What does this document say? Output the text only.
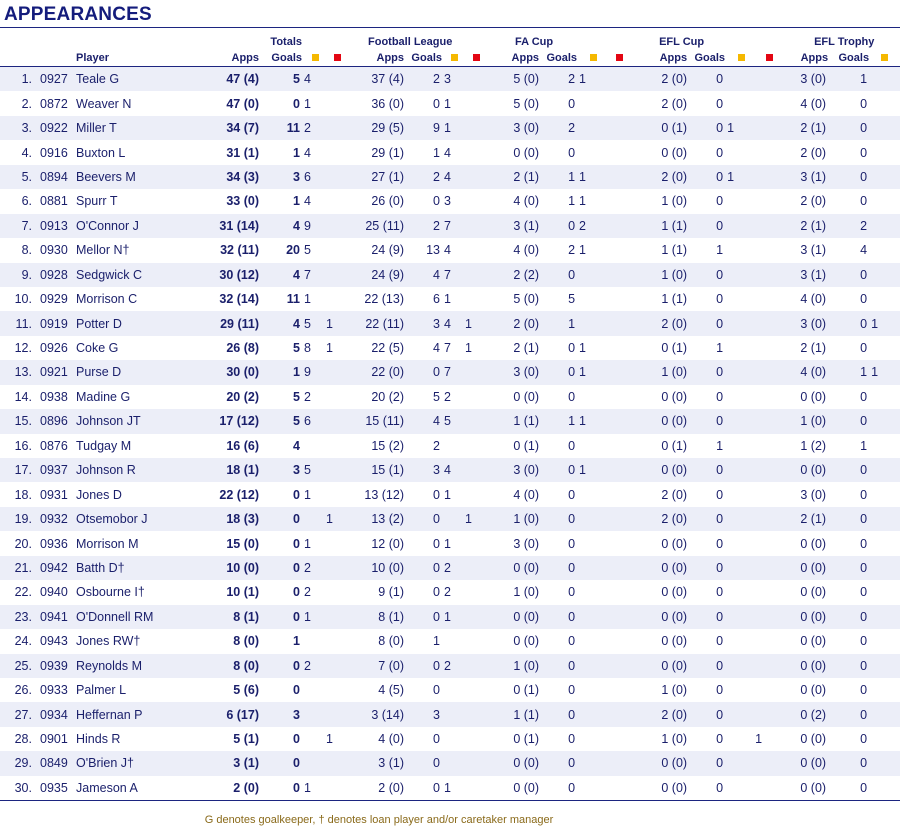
APPEARANCES
				Totals			Football League				FA Cup				EFL Cup				EFL Trophy			
		Player	Apps	Goals			Apps	Goals			Apps	Goals			Apps	Goals			Apps	Goals		
1.	0927	Teale G	47 (4)	5	4		37 (4)	2	3		5 (0)	2	1		2 (0)	0			3 (0)	1		
2.	0872	Weaver N	47 (0)	0	1		36 (0)	0	1		5 (0)	0			2 (0)	0			4 (0)	0		
3.	0922	Miller T	34 (7)	11	2		29 (5)	9	1		3 (0)	2			0 (1)	0	1		2 (1)	0		
4.	0916	Buxton L	31 (1)	1	4		29 (1)	1	4		0 (0)	0			0 (0)	0			2 (0)	0		
5.	0894	Beevers M	34 (3)	3	6		27 (1)	2	4		2 (1)	1	1		2 (0)	0	1		3 (1)	0		
6.	0881	Spurr T	33 (0)	1	4		26 (0)	0	3		4 (0)	1	1		1 (0)	0			2 (0)	0		
7.	0913	O'Connor J	31 (14)	4	9		25 (11)	2	7		3 (1)	0	2		1 (1)	0			2 (1)	2		
8.	0930	Mellor N†	32 (11)	20	5		24 (9)	13	4		4 (0)	2	1		1 (1)	1			3 (1)	4		
9.	0928	Sedgwick C	30 (12)	4	7		24 (9)	4	7		2 (2)	0			1 (0)	0			3 (1)	0		
10.	0929	Morrison C	32 (14)	11	1		22 (13)	6	1		5 (0)	5			1 (1)	0			4 (0)	0		
11.	0919	Potter D	29 (11)	4	5	1	22 (11)	3	4	1	2 (0)	1			2 (0)	0			3 (0)	0	1	
12.	0926	Coke G	26 (8)	5	8	1	22 (5)	4	7	1	2 (1)	0	1		0 (1)	1			2 (1)	0		
13.	0921	Purse D	30 (0)	1	9		22 (0)	0	7		3 (0)	0	1		1 (0)	0			4 (0)	1	1	
14.	0938	Madine G	20 (2)	5	2		20 (2)	5	2		0 (0)	0			0 (0)	0			0 (0)	0		
15.	0896	Johnson JT	17 (12)	5	6		15 (11)	4	5		1 (1)	1	1		0 (0)	0			1 (0)	0		
16.	0876	Tudgay M	16 (6)	4			15 (2)	2			0 (1)	0			0 (1)	1			1 (2)	1		
17.	0937	Johnson R	18 (1)	3	5		15 (1)	3	4		3 (0)	0	1		0 (0)	0			0 (0)	0		
18.	0931	Jones D	22 (12)	0	1		13 (12)	0	1		4 (0)	0			2 (0)	0			3 (0)	0		
19.	0932	Otsemobor J	18 (3)	0		1	13 (2)	0		1	1 (0)	0			2 (0)	0			2 (1)	0		
20.	0936	Morrison M	15 (0)	0	1		12 (0)	0	1		3 (0)	0			0 (0)	0			0 (0)	0		
21.	0942	Batth D†	10 (0)	0	2		10 (0)	0	2		0 (0)	0			0 (0)	0			0 (0)	0		
22.	0940	Osbourne I†	10 (1)	0	2		9 (1)	0	2		1 (0)	0			0 (0)	0			0 (0)	0		
23.	0941	O'Donnell RM	8 (1)	0	1		8 (1)	0	1		0 (0)	0			0 (0)	0			0 (0)	0		
24.	0943	Jones RW†	8 (0)	1			8 (0)	1			0 (0)	0			0 (0)	0			0 (0)	0		
25.	0939	Reynolds M	8 (0)	0	2		7 (0)	0	2		1 (0)	0			0 (0)	0			0 (0)	0		
26.	0933	Palmer L	5 (6)	0			4 (5)	0			0 (1)	0			1 (0)	0			0 (0)	0		
27.	0934	Heffernan P	6 (17)	3			3 (14)	3			1 (1)	0			2 (0)	0			0 (2)	0		
28.	0901	Hinds R	5 (1)	0		1	4 (0)	0			0 (1)	0			1 (0)	0		1	0 (0)	0		
29.	0849	O'Brien J†	3 (1)	0			3 (1)	0			0 (0)	0			0 (0)	0			0 (0)	0		
30.	0935	Jameson A	2 (0)	0	1		2 (0)	0	1		0 (0)	0			0 (0)	0			0 (0)	0		
G denotes goalkeeper, † denotes loan player and/or caretaker manager
